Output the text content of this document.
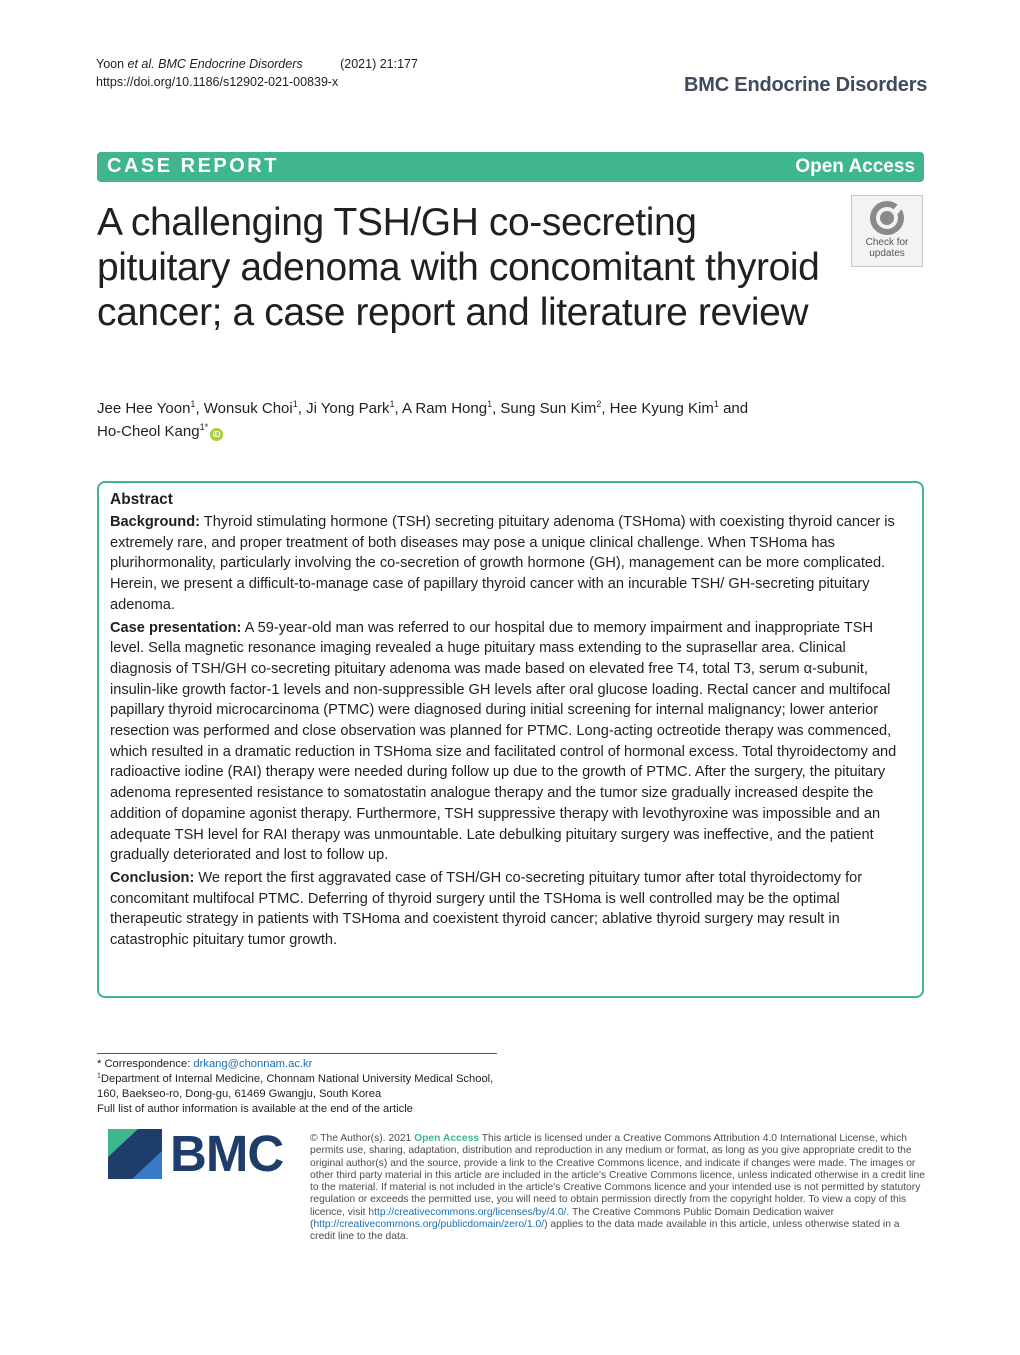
Yoon et al. BMC Endocrine Disorders	(2021) 21:177
https://doi.org/10.1186/s12902-021-00839-x	BMC Endocrine Disorders
CASE REPORT	Open Access
A challenging TSH/GH co-secreting pituitary adenoma with concomitant thyroid cancer; a case report and literature review
Check for
updates
Jee Hee Yoon$^1$, Wonsuk Choi$^1$, Ji Yong Park$^1$, A Ram Hong$^1$, Sung Sun Kim$^2$, Hee Kyung Kim$^1$ and
Ho-Cheol Kang$^{1*}$iD
Abstract

Background: Thyroid stimulating hormone (TSH) secreting pituitary adenoma (TSHoma) with coexisting thyroid cancer is extremely rare, and proper treatment of both diseases may pose a unique clinical challenge. When TSHoma has plurihormonality, particularly involving the co-secretion of growth hormone (GH), management can be more complicated. Herein, we present a difficult-to-manage case of papillary thyroid cancer with an incurable TSH/ GH-secreting pituitary adenoma.

Case presentation: A 59-year-old man was referred to our hospital due to memory impairment and inappropriate TSH level. Sella magnetic resonance imaging revealed a huge pituitary mass extending to the suprasellar area. Clinical diagnosis of TSH/GH co-secreting pituitary adenoma was made based on elevated free T4, total T3, serum α-subunit, insulin-like growth factor-1 levels and non-suppressible GH levels after oral glucose loading. Rectal cancer and multifocal papillary thyroid microcarcinoma (PTMC) were diagnosed during initial screening for internal malignancy; lower anterior resection was performed and close observation was planned for PTMC. Long-acting octreotide therapy was commenced, which resulted in a dramatic reduction in TSHoma size and facilitated control of hormonal excess. Total thyroidectomy and radioactive iodine (RAI) therapy were needed during follow up due to the growth of PTMC. After the surgery, the pituitary adenoma represented resistance to somatostatin analogue therapy and the tumor size gradually increased despite the addition of dopamine agonist therapy. Furthermore, TSH suppressive therapy with levothyroxine was impossible and an adequate TSH level for RAI therapy was unmountable. Late debulking pituitary surgery was ineffective, and the patient gradually deteriorated and lost to follow up.

Conclusion: We report the first aggravated case of TSH/GH co-secreting pituitary tumor after total thyroidectomy for concomitant multifocal PTMC. Deferring of thyroid surgery until the TSHoma is well controlled may be the optimal therapeutic strategy in patients with TSHoma and coexistent thyroid cancer; ablative thyroid surgery may result in catastrophic pituitary tumor growth.

* Correspondence: drkang@chonnam.ac.kr
$^1$Department of Internal Medicine, Chonnam National University Medical School, 160, Baekseo-ro, Dong-gu, 61469 Gwangju, South Korea
Full list of author information is available at the end of the article
BMC	© The Author(s). 2021 Open Access This article is licensed under a Creative Commons Attribution 4.0 International License, which permits use, sharing, adaptation, distribution and reproduction in any medium or format, as long as you give appropriate credit to the original author(s) and the source, provide a link to the Creative Commons licence, and indicate if changes were made. The images or other third party material in this article are included in the article's Creative Commons licence, unless indicated otherwise in a credit line to the material. If material is not included in the article's Creative Commons licence and your intended use is not permitted by statutory regulation or exceeds the permitted use, you will need to obtain permission directly from the copyright holder. To view a copy of this licence, visit http://creativecommons.org/licenses/by/4.0/. The Creative Commons Public Domain Dedication waiver (http://creativecommons.org/publicdomain/zero/1.0/) applies to the data made available in this article, unless otherwise stated in a credit line to the data.
